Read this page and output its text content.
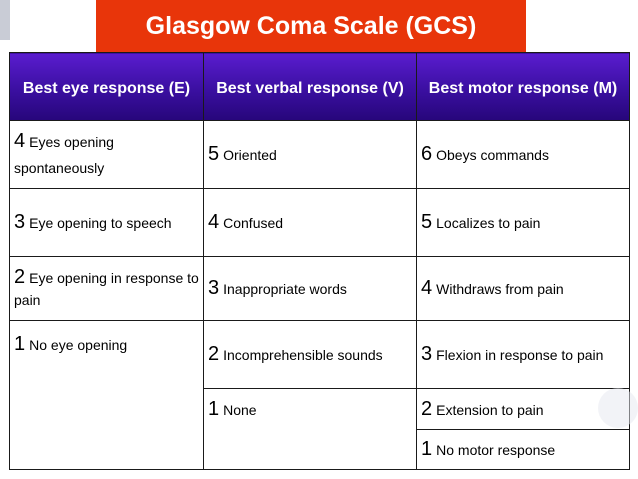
Glasgow Coma Scale (GCS)
Best eye response (E)	Best verbal response (V)	Best motor response (M)
4 Eyes opening spontaneously	5 Oriented	6 Obeys commands
3 Eye opening to speech	4 Confused	5 Localizes to pain
2 Eye opening in response to pain	3 Inappropriate words	4 Withdraws from pain
1 No eye opening	2 Incomprehensible sounds	3 Flexion in response to pain
	1 None	2 Extension to pain
		1 No motor response
